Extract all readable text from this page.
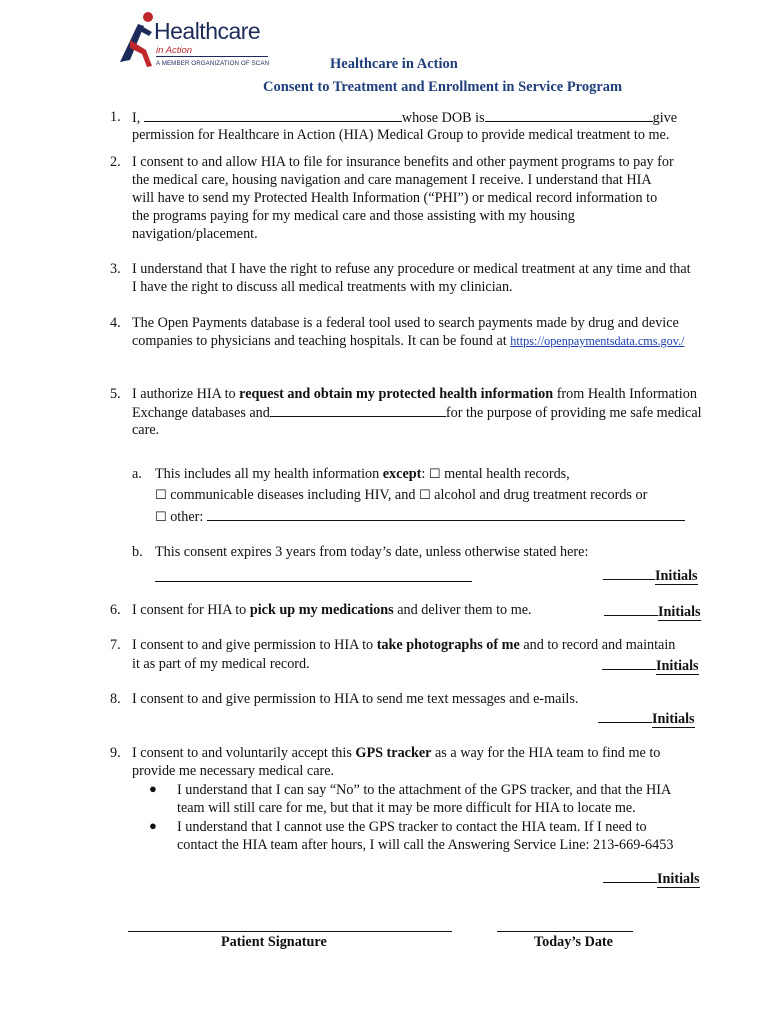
Healthcare
in Action
A MEMBER ORGANIZATION OF SCAN	Healthcare in Action
Consent to Treatment and Enrollment in Service Program
1. I,	whose DOB is	give
permission for Healthcare in Action (HIA) Medical Group to provide medical treatment to me.
2. I consent to and allow HIA to file for insurance benefits and other payment programs to pay for
the medical care, housing navigation and care management I receive. I understand that HIA
will have to send my Protected Health Information (“PHI”) or medical record information to
the programs paying for my medical care and those assisting with my housing
navigation/placement.
3. I understand that I have the right to refuse any procedure or medical treatment at any time and that
I have the right to discuss all medical treatments with my clinician.
4. The Open Payments database is a federal tool used to search payments made by drug and device
companies to physicians and teaching hospitals. It can be found at https://openpaymentsdata.cms.gov./
5. I authorize HIA to request and obtain my protected health information from Health Information
Exchange databases and	for the purpose of providing me safe medical
care.
a. This includes all my health information except: ☐ mental health records,
☐ communicable diseases including HIV, and ☐ alcohol and drug treatment records or
☐ other:
b. This consent expires 3 years from today’s date, unless otherwise stated here:
Initials
6. I consent for HIA to pick up my medications and deliver them to me.	Initials
7. I consent to and give permission to HIA to take photographs of me and to record and maintain
it as part of my medical record.	Initials
8. I consent to and give permission to HIA to send me text messages and e-mails.
Initials
9. I consent to and voluntarily accept this GPS tracker as a way for the HIA team to find me to
provide me necessary medical care.
● I understand that I can say “No” to the attachment of the GPS tracker, and that the HIA
team will still care for me, but that it may be more difficult for HIA to locate me.
● I understand that I cannot use the GPS tracker to contact the HIA team. If I need to
contact the HIA team after hours, I will call the Answering Service Line: 213-669-6453
Initials
Patient Signature	Today’s Date
